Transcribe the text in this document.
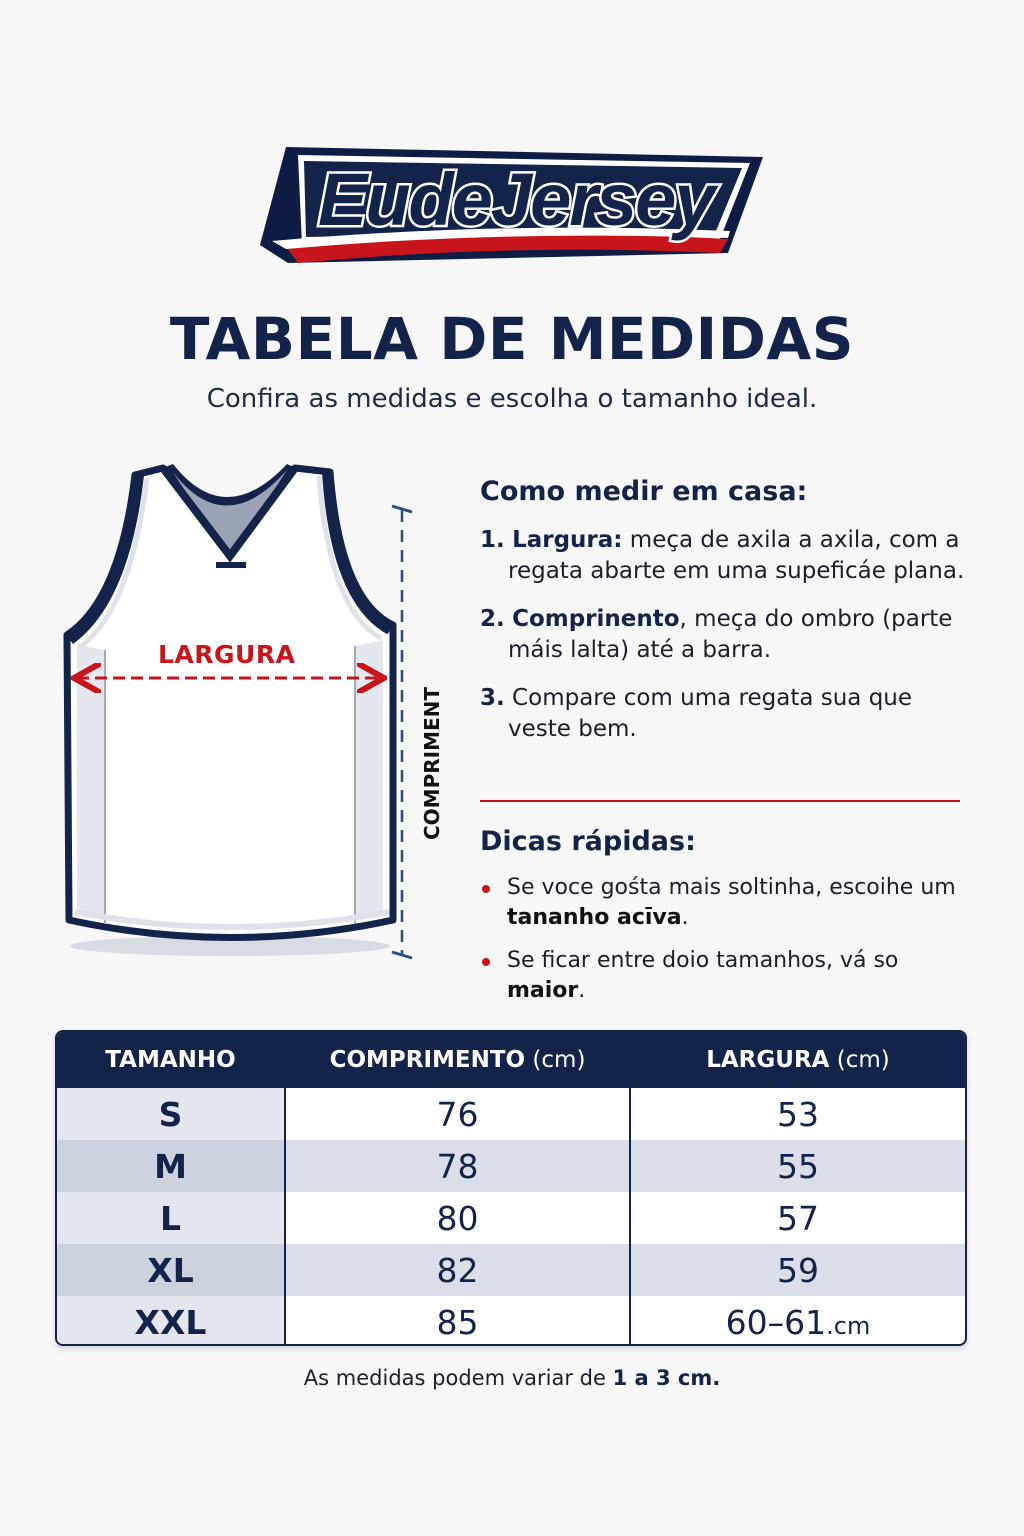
EudeJersey
TABELA DE MEDIDAS
Confira as medidas e escolha o tamanho ideal.
LARGURA
COMPRIMENT
Como medir em casa:
1. Largura: meça de axila a axila, com a regata abarte em uma supeficáe plana.
2. Comprinento, meça do ombro (parte máis lalta) até a barra.
3. Compare com uma regata sua que veste bem.
Dicas rápidas:
Se voce gośta mais soltinha, escoihe um tananho acīva.
Se ficar entre doio tamanhos, vá so maior.
TAMANHO	COMPRIMENTO (cm)	LARGURA (cm)
S	76	53
M	78	55
L	80	57
XL	82	59
XXL	85	60–61.cm
As medidas podem variar de 1 a 3 cm.
